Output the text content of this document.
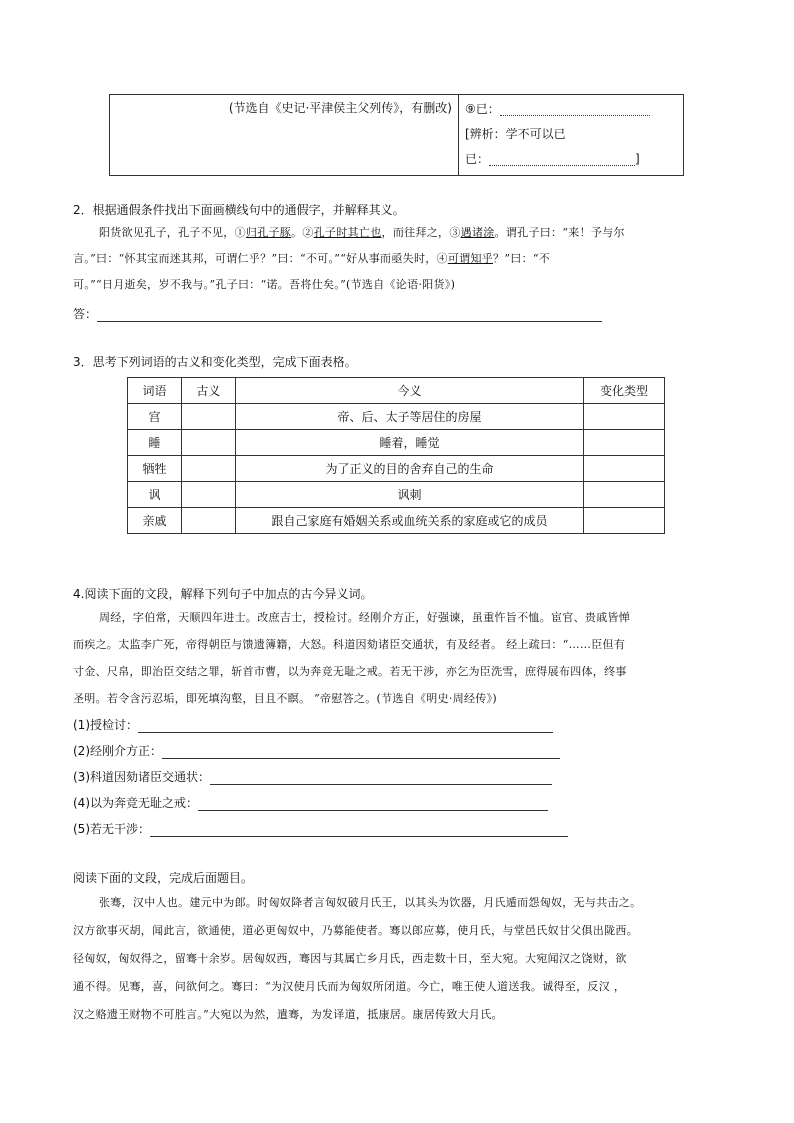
(节选自《史记·平津侯主父列传》，有删改) ⑨已：
[辨析：学不可以已
已：	]
2．根据通假条件找出下面画横线句中的通假字，并解释其义。
阳货欲见孔子，孔子不见，①归孔子豚。②孔子时其亡也，而往拜之，③遇诸涂。谓孔子曰：“来！予与尔
言。”曰：“怀其宝而迷其邦，可谓仁乎？”曰：“不可。”“好从事而亟失时，④可谓知乎？”曰：“不
可。”“日月逝矣，岁不我与。”孔子曰：“诺。吾将仕矣。”(节选自《论语·阳货》)
答：
3．思考下列词语的古义和变化类型，完成下面表格。
词语	古义	今义	变化类型
宫		帝、后、太子等居住的房屋	
睡		睡着，睡觉	
牺牲		为了正义的目的舍弃自己的生命	
讽		讽刺	
亲戚		跟自己家庭有婚姻关系或血统关系的家庭或它的成员	
4.阅读下面的文段，解释下列句子中加点的古今异义词。
周经，字伯常，天顺四年进士。改庶吉士，授检讨。经刚介方正，好强谏，虽重忤旨不恤。宦官、贵戚皆惮
而疾之。太监李广死，帝得朝臣与馈遗簿籍，大怒。科道因劾诸臣交通状，有及经者。 经上疏曰：“……臣但有
寸金、尺帛，即治臣交结之罪，斩首市曹，以为奔竞无耻之戒。若无干涉，亦乞为臣洗雪，庶得展布四体，终事
圣明。若令含污忍垢，即死填沟壑，目且不瞑。 ”帝慰答之。(节选自《明史·周经传》)
(1)授检讨：
(2)经刚介方正：
(3)科道因劾诸臣交通状：
(4)以为奔竞无耻之戒：
(5)若无干涉：
阅读下面的文段，完成后面题目。
张骞，汉中人也。建元中为郎。时匈奴降者言匈奴破月氏王，以其头为饮器，月氏遁而怨匈奴，无与共击之。
汉方欲事灭胡，闻此言，欲通使，道必更匈奴中，乃募能使者。骞以郎应募，使月氏，与堂邑氏奴甘父俱出陇西。
径匈奴，匈奴得之，留骞十余岁。居匈奴西，骞因与其属亡乡月氏，西走数十日，至大宛。大宛闻汉之饶财，欲
通不得。见骞，喜，问欲何之。骞曰：“为汉使月氏而为匈奴所闭道。今亡，唯王使人道送我。诚得至，反汉 ，
汉之赂遗王财物不可胜言。”大宛以为然，遣骞，为发译道，抵康居。康居传致大月氏。
